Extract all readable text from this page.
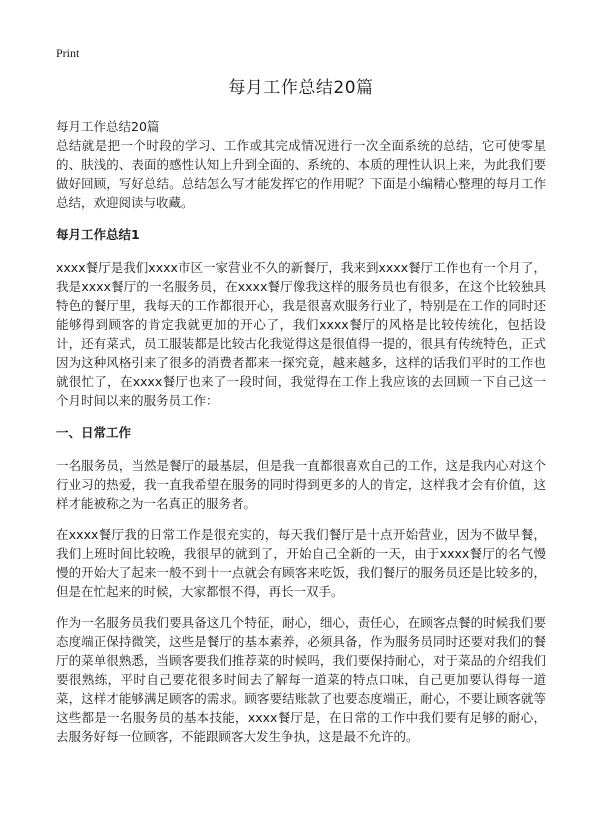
Print
每月工作总结20篇
每月工作总结20篇

总结就是把一个时段的学习、工作或其完成情况进行一次全面系统的总结，它可使零星的、肤浅的、表面的感性认知上升到全面的、系统的、本质的理性认识上来，为此我们要做好回顾，写好总结。总结怎么写才能发挥它的作用呢？下面是小编精心整理的每月工作总结，欢迎阅读与收藏。

每月工作总结1

xxxx餐厅是我们xxxx市区一家营业不久的新餐厅，我来到xxxx餐厅工作也有一个月了，我是xxxx餐厅的一名服务员，在xxxx餐厅像我这样的服务员也有很多，在这个比较独具特色的餐厅里，我每天的工作都很开心，我是很喜欢服务行业了，特别是在工作的同时还能够得到顾客的肯定我就更加的开心了，我们xxxx餐厅的风格是比较传统化，包括设计，还有菜式，员工服装都是比较古化我觉得这是很值得一提的，很具有传统特色，正式因为这种风格引来了很多的消费者都来一探究竟，越来越多，这样的话我们平时的工作也就很忙了，在xxxx餐厅也来了一段时间，我觉得在工作上我应该的去回顾一下自己这一个月时间以来的服务员工作：

一、日常工作

一名服务员，当然是餐厅的最基层，但是我一直都很喜欢自己的工作，这是我内心对这个行业习的热爱，我一直我希望在服务的同时得到更多的人的肯定，这样我才会有价值，这样才能被称之为一名真正的服务者。

在xxxx餐厅我的日常工作是很充实的，每天我们餐厅是十点开始营业，因为不做早餐，我们上班时间比较晚，我很早的就到了，开始自己全新的一天，由于xxxx餐厅的名气慢慢的开始大了起来一般不到十一点就会有顾客来吃饭，我们餐厅的服务员还是比较多的，但是在忙起来的时候，大家都恨不得，再长一双手。

作为一名服务员我们要具备这几个特征，耐心，细心，责任心，在顾客点餐的时候我们要态度端正保持微笑，这些是餐厅的基本素养，必须具备，作为服务员同时还要对我们的餐厅的菜单很熟悉，当顾客要我们推荐菜的时候吗，我们要保持耐心，对于菜品的介绍我们要很熟练，平时自己要花很多时间去了解每一道菜的特点口味，自己更加要认得每一道菜，这样才能够满足顾客的需求。顾客要结账款了也要态度端正，耐心，不要让顾客就等这些都是一名服务员的基本技能，xxxx餐厅是，在日常的工作中我们要有足够的耐心，去服务好每一位顾客，不能跟顾客大发生争执，这是最不允许的。
